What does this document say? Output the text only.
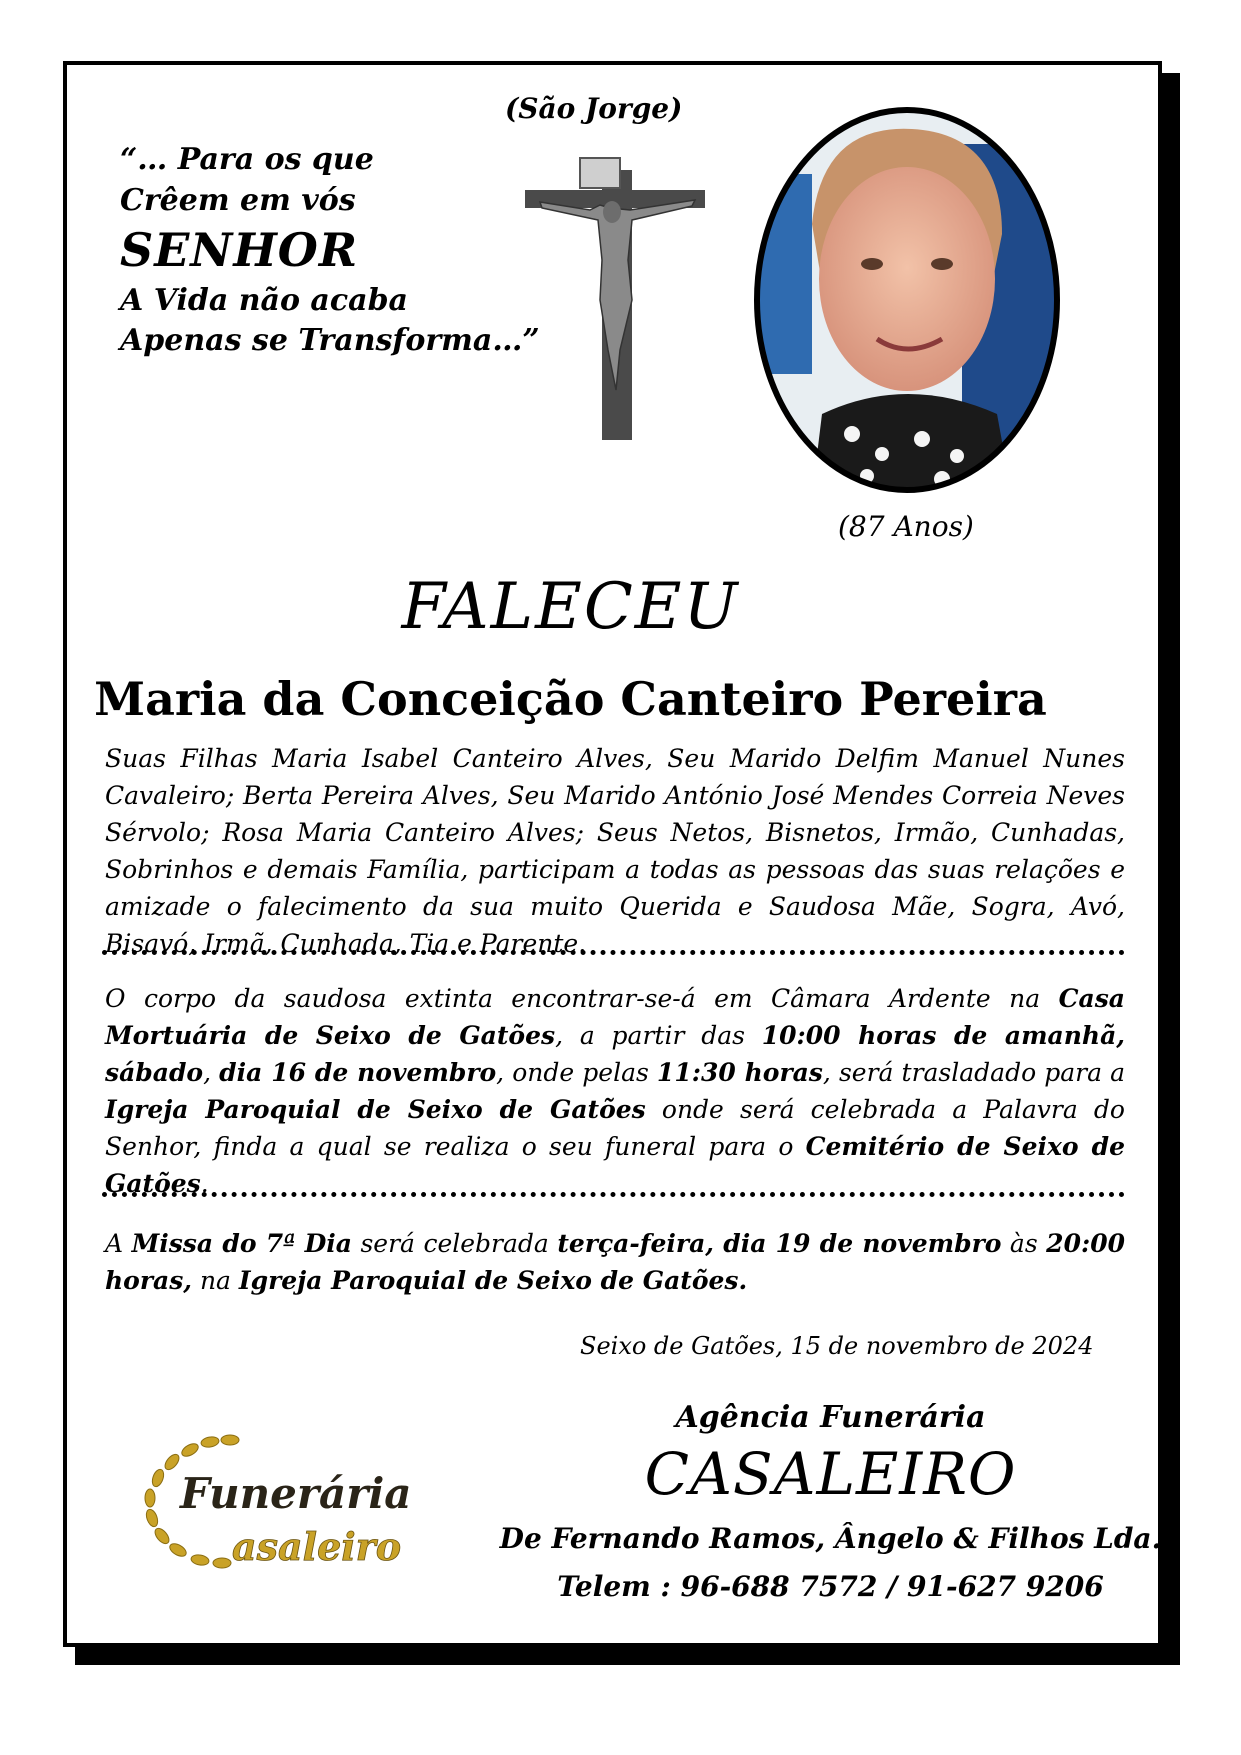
“… Para os que
Crêem em vós
SENHOR
A Vida não acaba
Apenas se Transforma…”
(São Jorge)
(87 Anos)
FALECEU
Maria da Conceição Canteiro Pereira
Suas Filhas Maria Isabel Canteiro Alves, Seu Marido Delfim Manuel Nunes Cavaleiro; Berta Pereira Alves, Seu Marido António José Mendes Correia Neves Sérvolo; Rosa Maria Canteiro Alves; Seus Netos, Bisnetos, Irmão, Cunhadas, Sobrinhos e demais Família, participam a todas as pessoas das suas relações e amizade o falecimento da sua muito Querida e Saudosa Mãe, Sogra, Avó, Bisavó, Irmã, Cunhada, Tia e Parente.
O corpo da saudosa extinta encontrar-se-á em Câmara Ardente na Casa Mortuária de Seixo de Gatões, a partir das 10:00 horas de amanhã, sábado, dia 16 de novembro, onde pelas 11:30 horas, será trasladado para a Igreja Paroquial de Seixo de Gatões onde será celebrada a Palavra do Senhor, finda a qual se realiza o seu funeral para o Cemitério de Seixo de Gatões.
A Missa do 7ª Dia será celebrada terça-feira, dia 19 de novembro às 20:00 horas, na Igreja Paroquial de Seixo de Gatões.
Seixo de Gatões, 15 de novembro de 2024
Agência Funerária
CASALEIRO
De Fernando Ramos, Ângelo & Filhos Lda.
Telem : 96-688 7572 / 91-627 9206
Funerária
asaleiro
